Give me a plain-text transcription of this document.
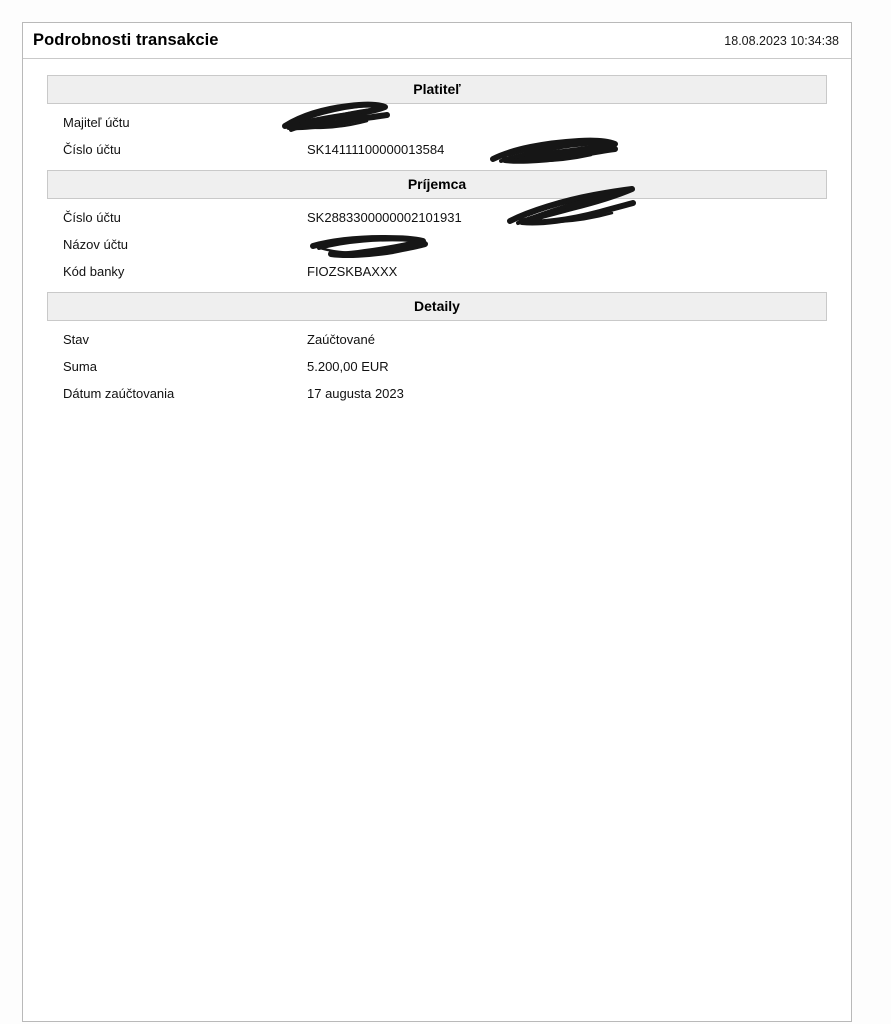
Podrobnosti transakcie	18.08.2023 10:34:38
Platiteľ
Majiteľ účtu	Matúš
Číslo účtu	SK14111100000013584
Príjemca
Číslo účtu	SK2883300000002101931
Názov účtu
Kód banky	FIOZSKBAXXX
Detaily
Stav	Zaúčtované
Suma	5.200,00 EUR
Dátum zaúčtovania	17 augusta 2023
